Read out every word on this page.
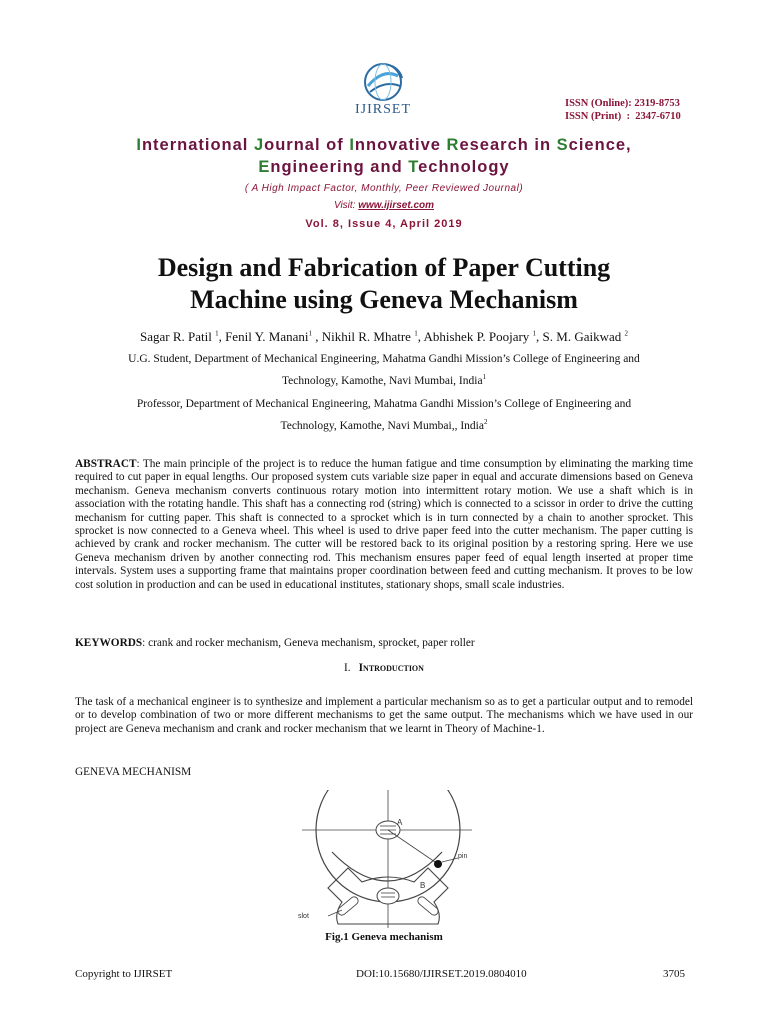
IJIRSET	ISSN (Online): 2319-8753
ISSN (Print)  :  2347-6710
International Journal of Innovative Research in Science,
Engineering and Technology
( A High Impact Factor, Monthly, Peer Reviewed Journal)
Visit: www.ijirset.com
Vol. 8, Issue 4, April 2019
Design and Fabrication of Paper Cutting
Machine using Geneva Mechanism
Sagar R. Patil $^1$, Fenil Y. Manani$^1$ , Nikhil R. Mhatre $^1$, Abhishek P. Poojary $^1$, S. M. Gaikwad $^2$
U.G. Student, Department of Mechanical Engineering, Mahatma Gandhi Mission’s College of Engineering and
Technology, Kamothe, Navi Mumbai, India$^1$
Professor, Department of Mechanical Engineering, Mahatma Gandhi Mission’s College of Engineering and
Technology, Kamothe, Navi Mumbai,, India$^2$
ABSTRACT: The main principle of the project is to reduce the human fatigue and time consumption by eliminating the marking time required to cut paper in equal lengths. Our proposed system cuts variable size paper in equal and accurate dimensions based on Geneva mechanism. Geneva mechanism converts continuous rotary motion into intermittent rotary motion. We use a shaft which is in association with the rotating handle. This shaft has a connecting rod (string) which is connected to a scissor in order to drive the cutting mechanism for cutting paper. This shaft is connected to a sprocket which is in turn connected by a chain to another sprocket. This sprocket is now connected to a Geneva wheel. This wheel is used to drive paper feed into the cutter mechanism. The paper cutting is achieved by crank and rocker mechanism. The cutter will be restored back to its original position by a restoring spring. Here we use Geneva mechanism driven by another connecting rod. This mechanism ensures paper feed of equal length inserted at proper time intervals. System uses a supporting frame that maintains proper coordination between feed and cutting mechanism. It proves to be low cost solution in production and can be used in educational institutes, stationary shops, small scale industries.
KEYWORDS: crank and rocker mechanism, Geneva mechanism, sprocket, paper roller
I. Introduction
The task of a mechanical engineer is to synthesize and implement a particular mechanism so as to get a particular output and to remodel or to develop combination of two or more different mechanisms to get the same output. The mechanisms which we have used in our project are Geneva mechanism and crank and rocker mechanism that we learnt in Theory of Machine-1.
GENEVA MECHANISM
A
B
pin
slot
Fig.1 Geneva mechanism
Copyright to IJIRSET	DOI:10.15680/IJIRSET.2019.0804010	3705
